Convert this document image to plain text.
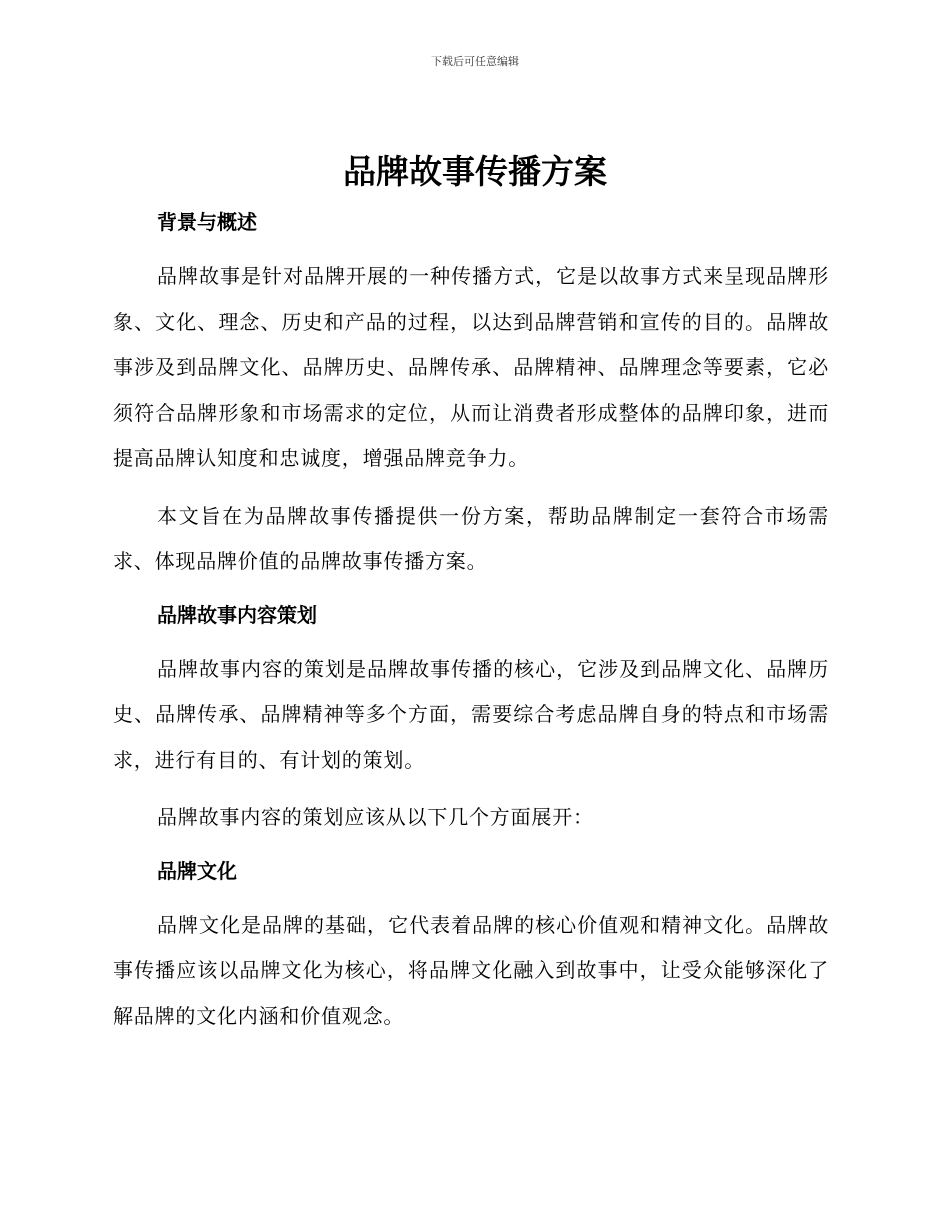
下载后可任意编辑
品牌故事传播方案
背景与概述

品牌故事是针对品牌开展的一种传播方式，它是以故事方式来呈现品牌形象、文化、理念、历史和产品的过程，以达到品牌营销和宣传的目的。品牌故事涉及到品牌文化、品牌历史、品牌传承、品牌精神、品牌理念等要素，它必须符合品牌形象和市场需求的定位，从而让消费者形成整体的品牌印象，进而提高品牌认知度和忠诚度，增强品牌竞争力。

本文旨在为品牌故事传播提供一份方案，帮助品牌制定一套符合市场需求、体现品牌价值的品牌故事传播方案。

品牌故事内容策划

品牌故事内容的策划是品牌故事传播的核心，它涉及到品牌文化、品牌历史、品牌传承、品牌精神等多个方面，需要综合考虑品牌自身的特点和市场需求，进行有目的、有计划的策划。

品牌故事内容的策划应该从以下几个方面展开：

品牌文化

品牌文化是品牌的基础，它代表着品牌的核心价值观和精神文化。品牌故事传播应该以品牌文化为核心，将品牌文化融入到故事中，让受众能够深化了解品牌的文化内涵和价值观念。
